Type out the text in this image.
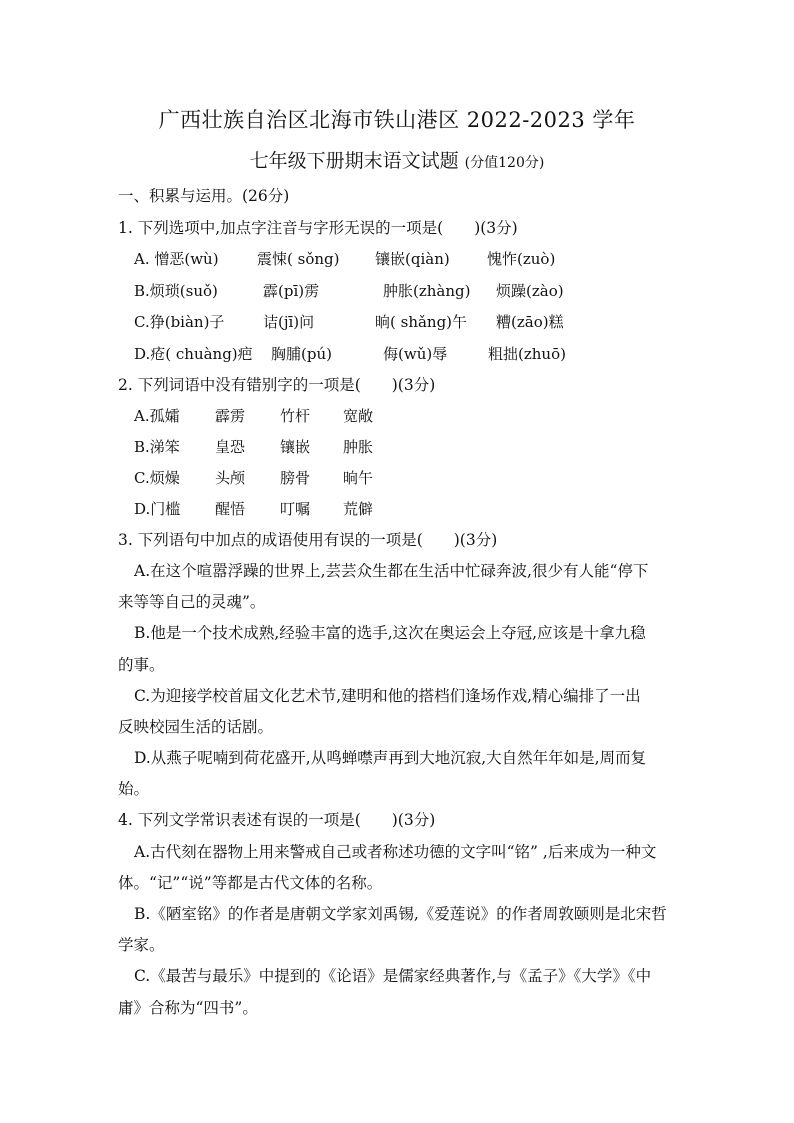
广西壮族自治区北海市铁山港区 2022-2023 学年
七年级下册期末语文试题 (分值120分)
一、积累与运用。(26分)
1. 下列选项中,加点字注音与字形无误的一项是(　　)(3分)
A. 憎恶(wù)	震悚( sǒng) 镶嵌(qiàn) 愧怍(zuò)
B.烦琐(suǒ)	霹(pī)雳	肿胀(zhàng) 烦躁(zào)
C.狰(biàn)子	诘(jī)问	晌( shǎng)午 糟(zāo)糕
D.疮( chuàng)疤 胸脯(pú)	侮(wǔ)辱	粗拙(zhuō)
2. 下列词语中没有错别字的一项是(　　)(3分)
A.孤孀 霹雳 竹杆 宽敞
B.涕笨 皇恐 镶嵌 肿胀
C.烦燥 头颅 膀骨 晌午
D.门槛 醒悟 叮嘱 荒僻
3. 下列语句中加点的成语使用有误的一项是(　　)(3分)
A.在这个喧嚣浮躁的世界上,芸芸众生都在生活中忙碌奔波,很少有人能“停下
来等等自己的灵魂”。
B.他是一个技术成熟,经验丰富的选手,这次在奥运会上夺冠,应该是十拿九稳
的事。
C.为迎接学校首届文化艺术节,建明和他的搭档们逢场作戏,精心编排了一出
反映校园生活的话剧。
D.从燕子呢喃到荷花盛开,从鸣蝉噤声再到大地沉寂,大自然年年如是,周而复
始。
4. 下列文学常识表述有误的一项是(　　)(3分)
A.古代刻在器物上用来警戒自己或者称述功德的文字叫“铭” ,后来成为一种文
体。“记”“说”等都是古代文体的名称。
B.《陋室铭》的作者是唐朝文学家刘禹锡,《爱莲说》的作者周敦颐则是北宋哲
学家。
C.《最苦与最乐》中提到的《论语》是儒家经典著作,与《孟子》《大学》《中
庸》合称为“四书”。
